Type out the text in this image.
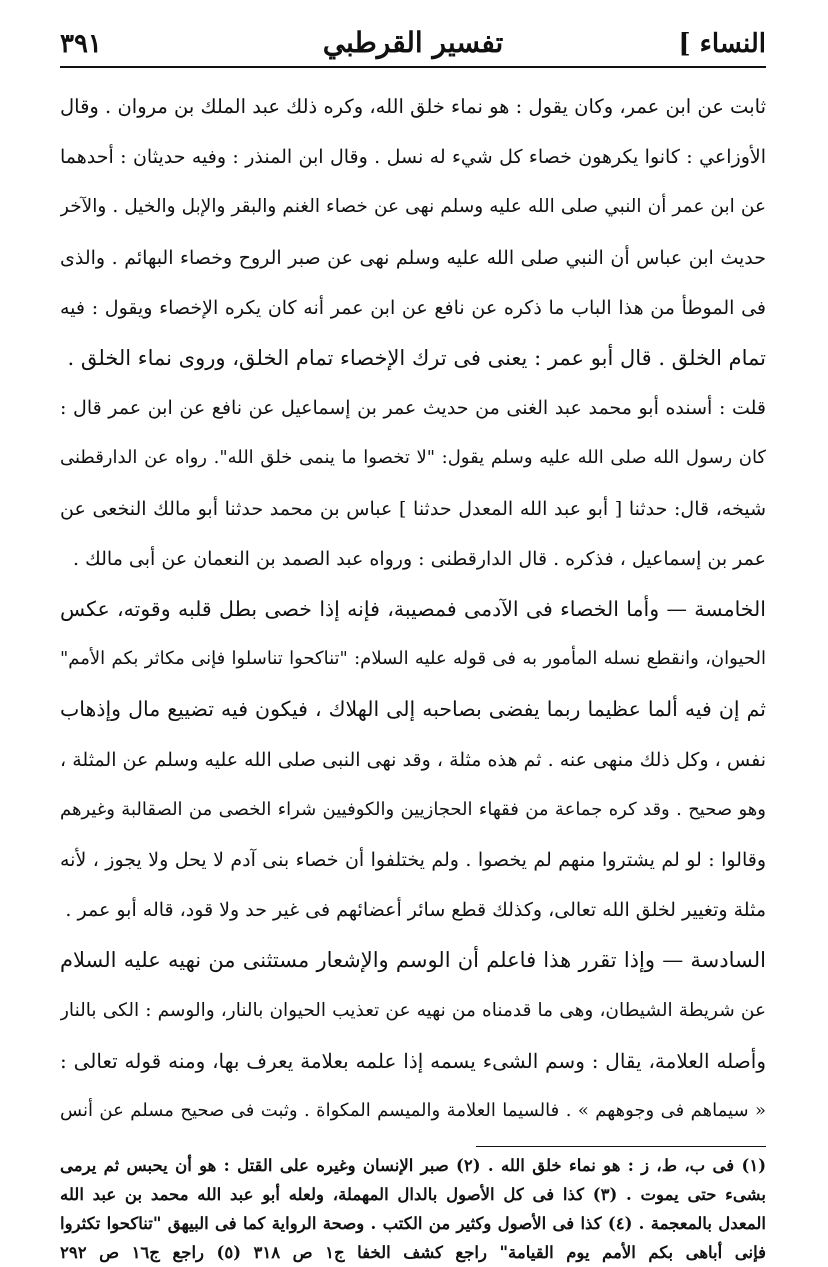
النساء ]
تفسير القرطبي
٣٩١
ثابت عن ابن عمر، وكان يقول : هو نماء خلق الله، وكره ذلك عبد الملك بن مروان . وقال
الأوزاعي : كانوا يكرهون خصاء كل شيء له نسل . وقال ابن المنذر : وفيه حديثان : أحدهما
عن ابن عمر أن النبي صلى الله عليه وسلم نهى عن خصاء الغنم والبقر والإبل والخيل . والآخر
حديث ابن عباس أن النبي صلى الله عليه وسلم نهى عن صبر الروح وخصاء البهائم . والذى
فى الموطأ من هذا الباب ما ذكره عن نافع عن ابن عمر أنه كان يكره الإخصاء ويقول : فيه
تمام الخلق . قال أبو عمر : يعنى فى ترك الإخصاء تمام الخلق، وروى نماء الخلق .
قلت : أسنده أبو محمد عبد الغنى من حديث عمر بن إسماعيل عن نافع عن ابن عمر قال :
كان رسول الله صلى الله عليه وسلم يقول: "لا تخصوا ما ينمى خلق الله". رواه عن الدارقطنى
شيخه، قال: حدثنا [ أبو عبد الله المعدل حدثنا ] عباس بن محمد حدثنا أبو مالك النخعى عن
عمر بن إسماعيل ، فذكره . قال الدارقطنى : ورواه عبد الصمد بن النعمان عن أبى مالك .
الخامسة — وأما الخصاء فى الآدمى فمصيبة، فإنه إذا خصى بطل قلبه وقوته، عكس
الحيوان، وانقطع نسله المأمور به فى قوله عليه السلام: "تناكحوا تناسلوا فإنى مكاثر بكم الأمم"
ثم إن فيه ألما عظيما ربما يفضى بصاحبه إلى الهلاك ، فيكون فيه تضييع مال وإذهاب
نفس ، وكل ذلك منهى عنه . ثم هذه مثلة ، وقد نهى النبى صلى الله عليه وسلم عن المثلة ،
وهو صحيح . وقد كره جماعة من فقهاء الحجازيين والكوفيين شراء الخصى من الصقالبة وغيرهم
وقالوا : لو لم يشتروا منهم لم يخصوا . ولم يختلفوا أن خصاء بنى آدم لا يحل ولا يجوز ، لأنه
مثلة وتغيير لخلق الله تعالى، وكذلك قطع سائر أعضائهم فى غير حد ولا قود، قاله أبو عمر .
السادسة — وإذا تقرر هذا فاعلم أن الوسم والإشعار مستثنى من نهيه عليه السلام
عن شريطة الشيطان، وهى ما قدمناه من نهيه عن تعذيب الحيوان بالنار، والوسم : الكى بالنار
وأصله العلامة، يقال : وسم الشىء يسمه إذا علمه بعلامة يعرف بها، ومنه قوله تعالى :
« سيماهم فى وجوههم » . فالسيما العلامة والميسم المكواة . وثبت فى صحيح مسلم عن أنس
(١) فى ب، ط، ز : هو نماء خلق الله . (٢) صبر الإنسان وغيره على القتل : هو أن يحبس ثم يرمى
بشىء حتى يموت . (٣) كذا فى كل الأصول بالدال المهملة، ولعله أبو عبد الله محمد بن عبد الله
المعدل بالمعجمة . (٤) كذا فى الأصول وكثير من الكتب . وصحة الرواية كما فى البيهق "تناكحوا تكثروا
فإنى أباهى بكم الأمم يوم القيامة" راجع كشف الخفا ج١ ص ٣١٨ (٥) راجع ج١٦ ص ٢٩٢
